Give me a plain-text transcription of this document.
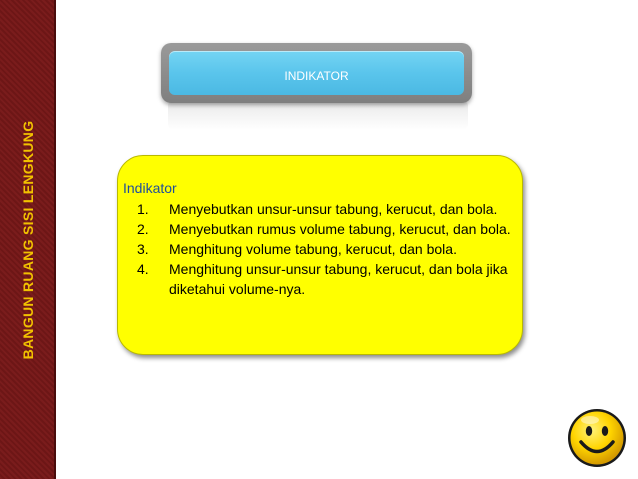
BANGUN RUANG SISI LENGKUNG
INDIKATOR
Indikator
1. Menyebutkan unsur-unsur tabung, kerucut, dan bola.
2. Menyebutkan rumus volume tabung, kerucut, dan bola.
3. Menghitung volume tabung, kerucut, dan bola.
4. Menghitung unsur-unsur tabung, kerucut, dan bola jika diketahui volume-nya.
